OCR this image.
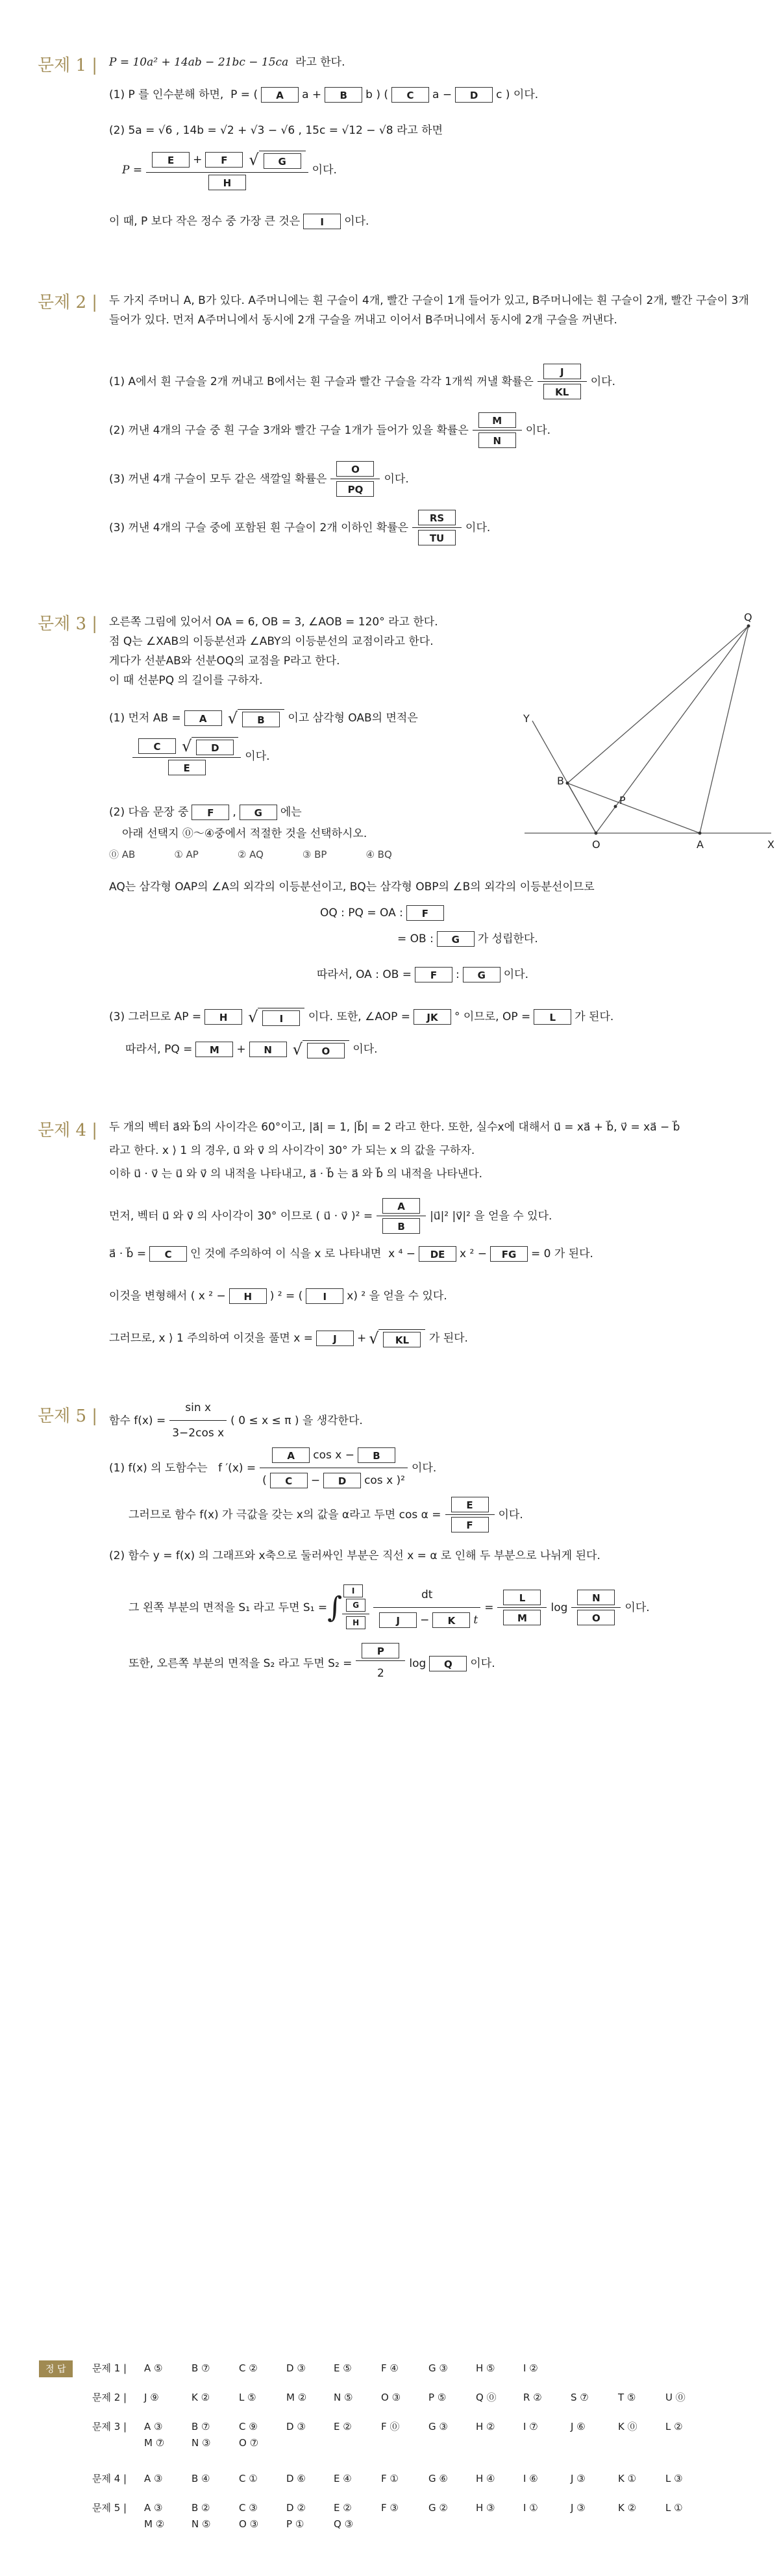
문제 1 | P = 10a² + 14ab − 21bc − 15ca
라고 한다.
(1)
P 를 인수분해 하면,
P = (	A	a +	B	b ) (	C	a −	D	c ) 이다.
(2) 5a = √6 , 14b = √2 + √3 − √6 , 15c = √12 − √8 라고 하면
P = E	+	F	√	G
H 이다.
이 때, P 보다 작은 정수 중 가장 큰 것은	I	이다.
문제 2 | 두 가지 주머니 A, B가 있다. A주머니에는 흰 구슬이 4개, 빨간 구슬이 1개 들어가 있고, B주머니에는 흰 구슬이 2개, 빨간 구슬이 3개 들어가 있다. 먼저 A주머니에서 동시에 2개 구슬을 꺼내고 이어서 B주머니에서 동시에 2개 구슬을 꺼낸다.

(1) A에서 흰 구슬을 2개 꺼내고 B에서는 흰 구슬과 빨간 구슬을 각각 1개씩 꺼낼 확률은 $\frac{J}{KL}$ 이다.
(2) 꺼낸 4개의 구슬 중 흰 구슬 3개와 빨간 구슬 1개가 들어가 있을 확률은 $\frac{M}{N}$ 이다.
(3) 꺼낸 4개 구슬이 모두 같은 색깔일 확률은 $\frac{O}{PQ}$ 이다.
(3) 꺼낸 4개의 구슬 중에 포함된 흰 구슬이 2개 이하인 확률은 $\frac{RS}{TU}$ 이다.
문제 3 | 오른쪽 그림에 있어서 OA = 6, OB = 3, ∠AOB = 120° 라고 한다.

점 Q는 ∠XAB의 이등분선과 ∠ABY의 이등분선의 교점이라고 한다.

게다가 선분AB와 선분OQ의 교점을 P라고 한다.

이 때 선분PQ 의 길이를 구하자.

Q
Y
B
P
O	A	X
(1) 먼저 AB =	A	√	B
	이고 삼각형 OAB의 면적은
C	√	D
E 이다.
(2) 다음 문장 중	F	,	G	에는
아래 선택지 ⓪〜④중에서 적절한 것을 선택하시오.
⓪ AB	① AP	② AQ	③ BP	④ BQ
AQ는 삼각형 OAP의 ∠A의 외각의 이등분선이고, BQ는 삼각형 OBP의 ∠B의 외각의 이등분선이므로
OQ : PQ = OA :	F
= OB :	G	가 성립한다.
따라서, OA : OB =	F	:	G	이다.
(3) 그러므로 AP =	H	√	I
	이다. 또한, ∠AOP =	JK	° 이므로, OP =	L	가 된다.
따라서, PQ =	M	+	N	√	O
	이다.
문제 4 | 두 개의 벡터 a⃗와 b⃗의 사이각은 60°이고, |a⃗| = 1, |b⃗| = 2 라고 한다. 또한, 실수x에 대해서 u⃗ = xa⃗ + b⃗, v⃗ = xa⃗ − b⃗
라고 한다. x ⟩ 1 의 경우, u⃗ 와 v⃗ 의 사이각이 30° 가 되는 x 의 값을 구하자.
이하 u⃗ · v⃗ 는 u⃗ 와 v⃗ 의 내적을 나타내고, a⃗ · b⃗ 는 a⃗ 와 b⃗ 의 내적을 나타낸다.
먼저, 벡터 u⃗ 와 v⃗ 의 사이각이 30° 이므로 ( u⃗ · v⃗ )$^2 = \frac{A}{B}$ |u⃗|² |v⃗|² 을 얻을 수 있다.
a⃗ · b⃗ =	C	인 것에 주의하여 이 식을 x 로 나타내면
x ⁴ −	DE	x ² −	FG	= 0 가 된다.
이것을 변형해서 ( x ² −	H	) ² = (	I	x) ² 을 얻을 수 있다.
그러므로, x ⟩ 1 주의하여 이것을 풀면 x =	J	+ √	KL
	가 된다.
문제 5 | 함수 $f(x) = \frac{\text{sin x}}{\text{3−2cos x}}$ ( 0 ≤ x ≤ π ) 을 생각한다.
(1) f(x) 의 도함수는
f ′(x) = A	cos x −	B
(	C	−	D	cos x )² 이다.
그러므로 함수 f(x) 가 극값을 갖는 x의 값을 α라고 두면 $\cos \alpha = \frac{E}{F}$ 이다.
(2) 함수 y = f(x) 의 그래프와 x축으로 둘러싸인 부분은 직선 x = α 로 인해 두 부분으로 나뉘게 된다.
그 왼쪽 부분의 면적을 S₁ 라고 두면 S₁ = ∫	I
$\frac{G}{H}$ dt
J	−	K	$t = \frac{L}{M}$ $\log \frac{N}{O}$ 이다.
또한, 오른쪽 부분의 면적을 S₂ 라고 두면 $S_2 = \frac{P}{2}$ log	Q	이다.
정 답	문제 1 | A ⑤	B ⑦	C ②	D ③	E ⑤	F ④	G ③	H ⑤	I ②
문제 2 | J ⑨	K ②	L ⑤	M ②	N ⑤	O ③	P ⑤	Q ⓪	R ②	S ⑦	T ⑤	U ⓪
문제 3 | A ③	B ⑦	C ⑨	D ③	E ②	F ⓪	G ③	H ②	I ⑦	J ⑥	K ⓪	L ②
M ⑦	N ③	O ⑦
문제 4 | A ③	B ④	C ①	D ⑥	E ④	F ①	G ⑥	H ④	I ⑥	J ③	K ①	L ③
문제 5 | A ③	B ②	C ③	D ②	E ②	F ③	G ②	H ③	I ①	J ③	K ②	L ①
M ②	N ⑤	O ③	P ①	Q ③
